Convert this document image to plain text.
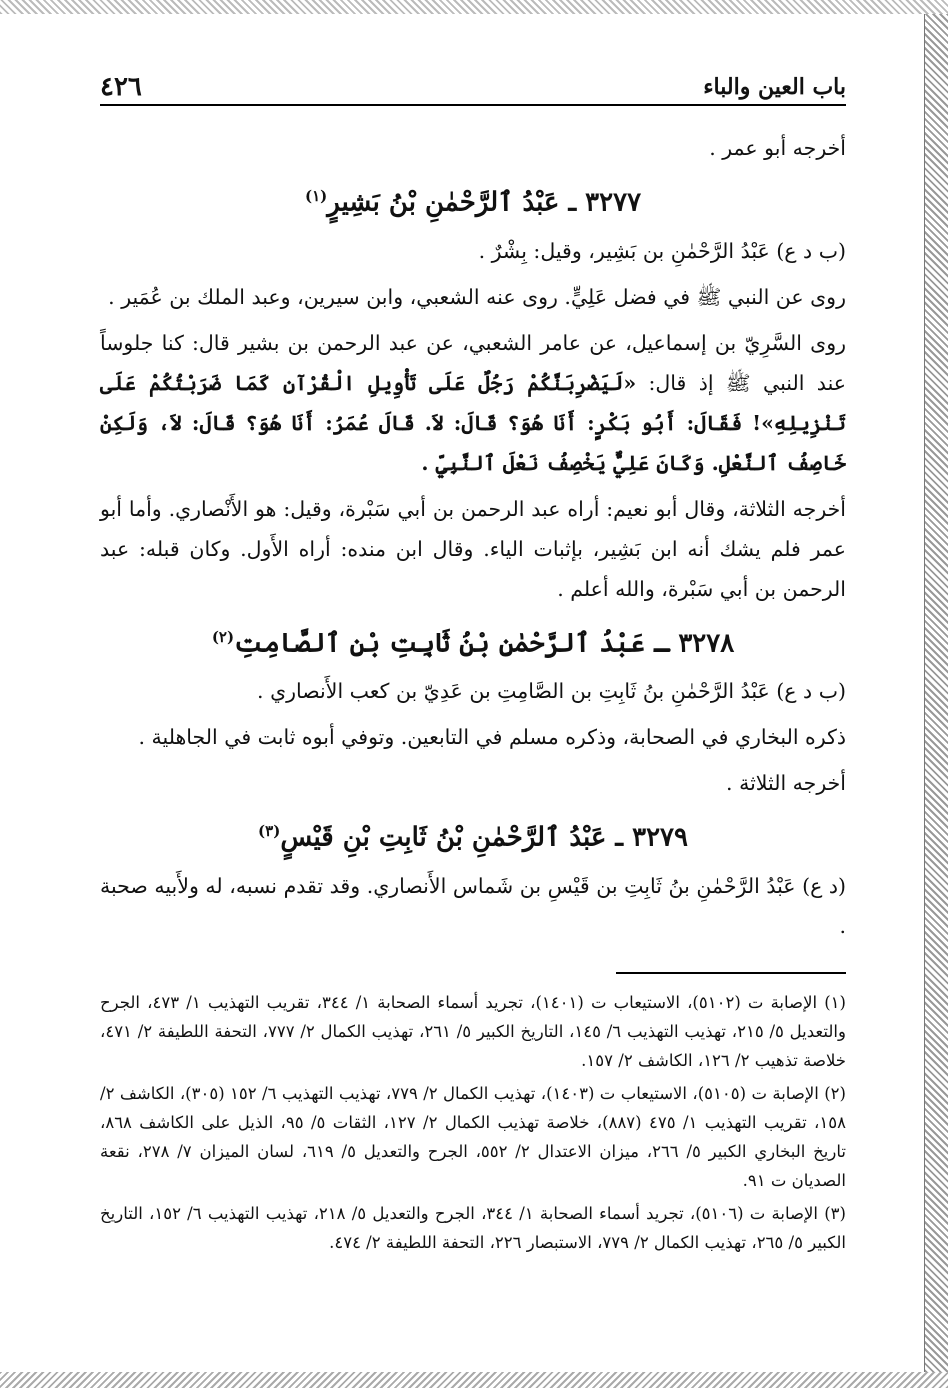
باب العين والباء
٤٢٦

أخرجه أبو عمر .

٣٢٧٧ ـ عَبْدُ ٱلرَّحْمٰنِ بْنُ بَشِيرٍ$^{(١)}$

(ب د ع) عَبْدُ الرَّحْمٰنِ بن بَشِير، وقيل: بِشْرٌ .

روى عن النبي ﷺ في فضل عَلِيٍّ. روى عنه الشعبي، وابن سيرين، وعبد الملك بن عُمَير .

روى السَّرِيّ بن إسماعيل، عن عامر الشعبي، عن عبد الرحمن بن بشير قال: كنا جلوساً عند النبي ﷺ إذ قال: «لَيَضْرِبَنَّكُمْ رَجُلٌ عَلَى تَأْوِيلِ الْقُرْآنِ كَمَا ضَرَبْتُكُمْ عَلَى تَنْزِيلِهِ»! فَقَالَ: أَبُو بَكْرٍ: أَنَا هُوَ؟ قَالَ: لاَ. قَالَ عُمَرُ: أَنَا هُوَ؟ قَالَ: لاَ، وَلَكِنْ خَاصِفُ ٱلنَّعْلِ. وَكَانَ عَلِيٌّ يَخْصِفُ نَعْلَ ٱلنَّبِيِّ .

أخرجه الثلاثة، وقال أبو نعيم: أراه عبد الرحمن بن أبي سَبْرة، وقيل: هو الأَنْصاري. وأما أبو عمر فلم يشك أنه ابن بَشِير، بإثبات الياء. وقال ابن منده: أراه الأَول. وكان قبله: عبد الرحمن بن أبي سَبْرة، والله أعلم .

٣٢٧٨ ـ عَبْدُ ٱلرَّحْمٰنِ بْنُ ثَابِتِ بْنِ ٱلصَّامِتِ$^{(٢)}$

(ب د ع) عَبْدُ الرَّحْمٰنِ بنُ ثَابِتِ بن الصَّامِتِ بن عَدِيّ بن كعب الأَنصاري .

ذكره البخاري في الصحابة، وذكره مسلم في التابعين. وتوفي أبوه ثابت في الجاهلية .

أخرجه الثلاثة .

٣٢٧٩ ـ عَبْدُ ٱلرَّحْمٰنِ بْنُ ثَابِتِ بْنِ قَيْسٍ$^{(٣)}$

(د ع) عَبْدُ الرَّحْمٰنِ بنُ ثَابِتِ بن قَيْسِ بن شَماس الأَنصاري. وقد تقدم نسبه، له ولأَبيه صحبة .

(١) الإصابة ت (٥١٠٢)، الاستيعاب ت (١٤٠١)، تجريد أسماء الصحابة ١/ ٣٤٤، تقريب التهذيب ١/ ٤٧٣، الجرح والتعديل ٥/ ٢١٥، تهذيب التهذيب ٦/ ١٤٥، التاريخ الكبير ٥/ ٢٦١، تهذيب الكمال ٢/ ٧٧٧، التحفة اللطيفة ٢/ ٤٧١، خلاصة تذهيب ٢/ ١٢٦، الكاشف ٢/ ١٥٧.

(٢) الإصابة ت (٥١٠٥)، الاستيعاب ت (١٤٠٣)، تهذيب الكمال ٢/ ٧٧٩، تهذيب التهذيب ٦/ ١٥٢ (٣٠٥)، الكاشف ٢/ ١٥٨، تقريب التهذيب ١/ ٤٧٥ (٨٨٧)، خلاصة تهذيب الكمال ٢/ ١٢٧، الثقات ٥/ ٩٥، الذيل على الكاشف ٨٦٨، تاريخ البخاري الكبير ٥/ ٢٦٦، ميزان الاعتدال ٢/ ٥٥٢، الجرح والتعديل ٥/ ٦١٩، لسان الميزان ٧/ ٢٧٨، نقعة الصديان ت ٩١.

(٣) الإصابة ت (٥١٠٦)، تجريد أسماء الصحابة ١/ ٣٤٤، الجرح والتعديل ٥/ ٢١٨، تهذيب التهذيب ٦/ ١٥٢، التاريخ الكبير ٥/ ٢٦٥، تهذيب الكمال ٢/ ٧٧٩، الاستبصار ٢٢٦، التحفة اللطيفة ٢/ ٤٧٤.
